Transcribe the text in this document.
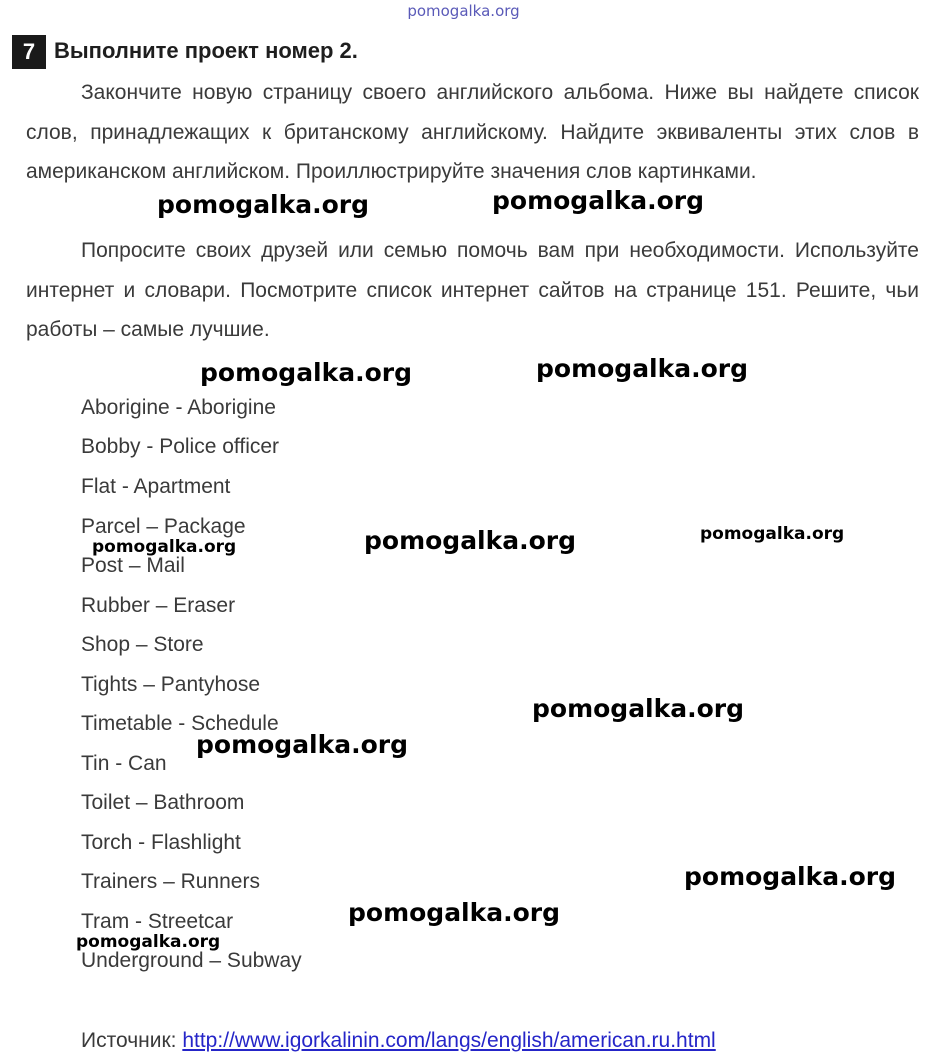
pomogalka.org
7 Выполните проект номер 2.

Закончите новую страницу своего английского альбома. Ниже вы найдете список слов, принадлежащих к британскому английскому. Найдите эквиваленты этих слов в американском английском. Проиллюстрируйте значения слов картинками.

Попросите своих друзей или семью помочь вам при необходимости. Используйте интернет и словари. Посмотрите список интернет сайтов на странице 151. Решите, чьи работы – самые лучшие.

Aborigine - Aborigine
Bobby - Police officer
Flat - Apartment
Parcel – Package
Post – Mail
Rubber – Eraser
Shop – Store
Tights – Pantyhose
Timetable - Schedule
Tin - Can
Toilet – Bathroom
Torch - Flashlight
Trainers – Runners
Tram - Streetcar
Underground – Subway
Источник: http://www.igorkalinin.com/langs/english/american.ru.html
pomogalka.org	pomogalka.org
pomogalka.org	pomogalka.org
pomogalka.org	pomogalka.org
pomogalka.org
pomogalka.org
pomogalka.org
pomogalka.org
pomogalka.org
pomogalka.org
